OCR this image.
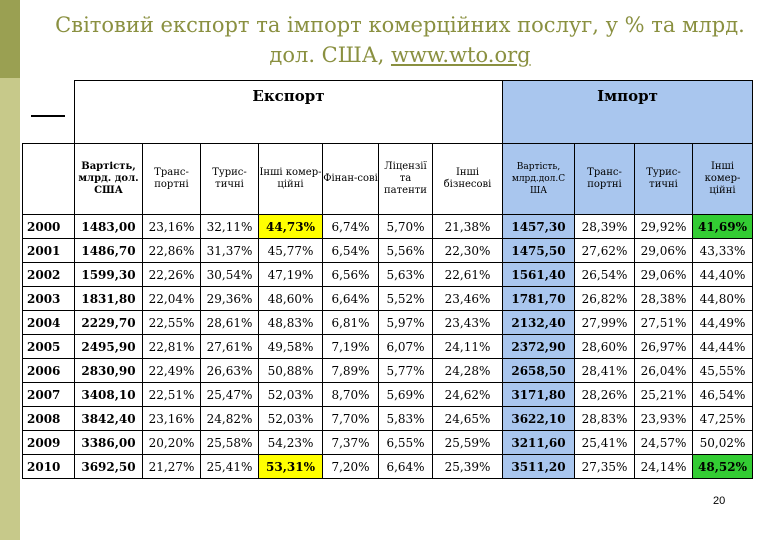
Світовий експорт та імпорт комерційних послуг, у % та млрд. дол. США, www.wto.org
	Експорт							Імпорт			
	Вартість, млрд. дол. США	Транс-портні	Турис-тичні	Інші комер-ційні	Фінан-сові	Ліцензії та патенти	Інші бізнесові	Вартість, млрд.дол.С ША	Транс-портні	Турис-тичні	Інші комер-ційні
2000	1483,00	23,16%	32,11%	44,73%	6,74%	5,70%	21,38%	1457,30	28,39%	29,92%	41,69%
2001	1486,70	22,86%	31,37%	45,77%	6,54%	5,56%	22,30%	1475,50	27,62%	29,06%	43,33%
2002	1599,30	22,26%	30,54%	47,19%	6,56%	5,63%	22,61%	1561,40	26,54%	29,06%	44,40%
2003	1831,80	22,04%	29,36%	48,60%	6,64%	5,52%	23,46%	1781,70	26,82%	28,38%	44,80%
2004	2229,70	22,55%	28,61%	48,83%	6,81%	5,97%	23,43%	2132,40	27,99%	27,51%	44,49%
2005	2495,90	22,81%	27,61%	49,58%	7,19%	6,07%	24,11%	2372,90	28,60%	26,97%	44,44%
2006	2830,90	22,49%	26,63%	50,88%	7,89%	5,77%	24,28%	2658,50	28,41%	26,04%	45,55%
2007	3408,10	22,51%	25,47%	52,03%	8,70%	5,69%	24,62%	3171,80	28,26%	25,21%	46,54%
2008	3842,40	23,16%	24,82%	52,03%	7,70%	5,83%	24,65%	3622,10	28,83%	23,93%	47,25%
2009	3386,00	20,20%	25,58%	54,23%	7,37%	6,55%	25,59%	3211,60	25,41%	24,57%	50,02%
2010	3692,50	21,27%	25,41%	53,31%	7,20%	6,64%	25,39%	3511,20	27,35%	24,14%	48,52%
20
